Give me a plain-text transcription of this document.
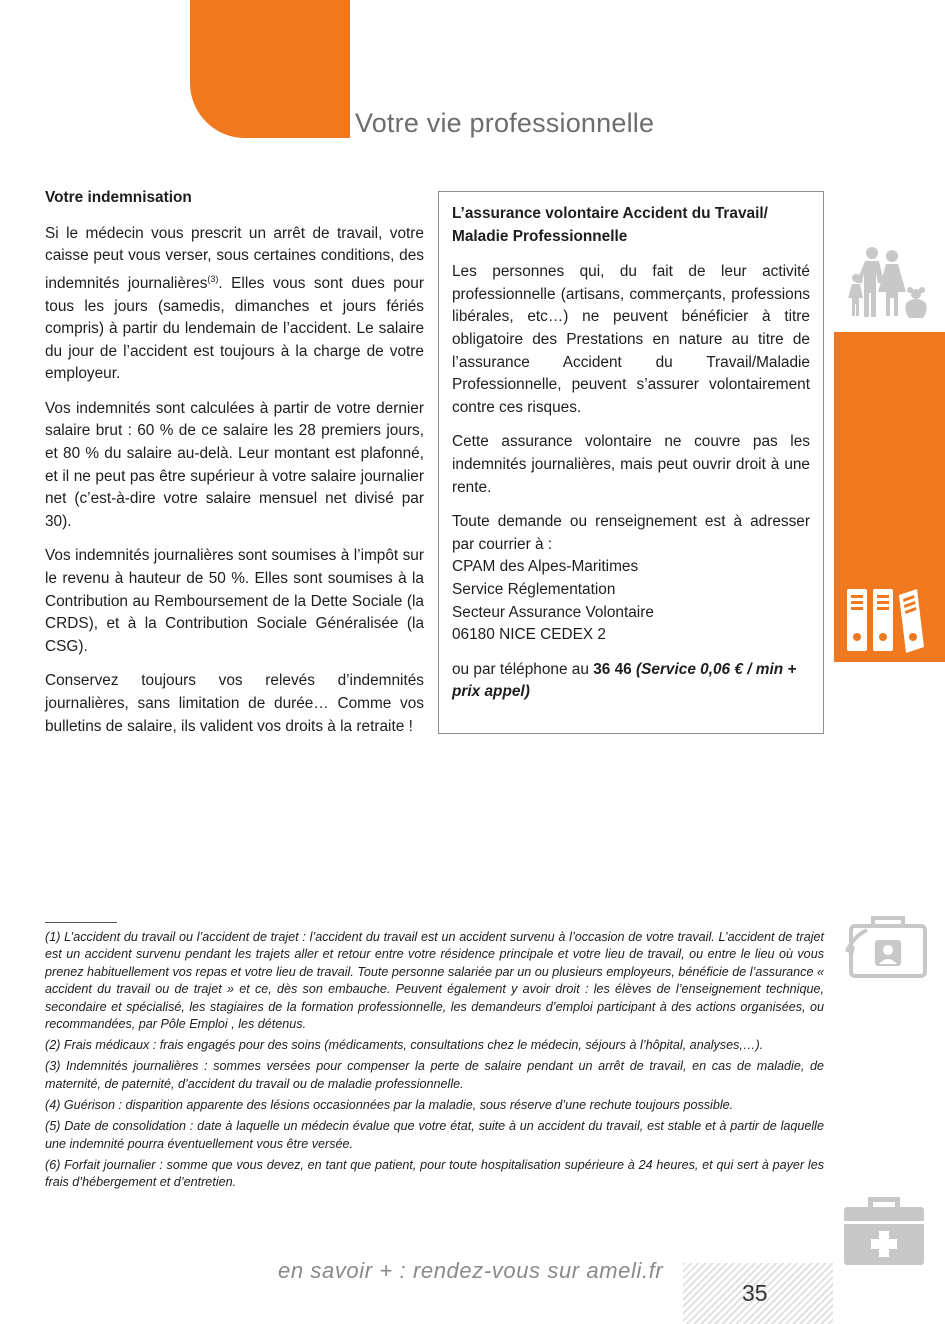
Votre vie professionnelle
Votre indemnisation

Si le médecin vous prescrit un arrêt de travail, votre caisse peut vous verser, sous certaines conditions, des indemnités journalières$^{(3)}$. Elles vous sont dues pour tous les jours (samedis, dimanches et jours fériés compris) à partir du lendemain de l’accident. Le salaire du jour de l’accident est toujours à la charge de votre employeur.

Vos indemnités sont calculées à partir de votre dernier salaire brut : 60 % de ce salaire les 28 premiers jours, et 80 % du salaire au-delà. Leur montant est plafonné, et il ne peut pas être supérieur à votre salaire journalier net (c’est-à-dire votre salaire mensuel net divisé par 30).

Vos indemnités journalières sont soumises à l’impôt sur le revenu à hauteur de 50 %. Elles sont soumises à la Contribution au Remboursement de la Dette Sociale (la CRDS), et à la Contribution Sociale Généralisée (la CSG).

Conservez toujours vos relevés d’indemnités journalières, sans limitation de durée… Comme vos bulletins de salaire, ils valident vos droits à la retraite !

L’assurance volontaire Accident du Travail/ Maladie Professionnelle

Les personnes qui, du fait de leur activité professionnelle (artisans, commerçants, professions libérales, etc…) ne peuvent bénéficier à titre obligatoire des Prestations en nature au titre de l’assurance Accident du Travail/Maladie Professionnelle, peuvent s’assurer volontairement contre ces risques.

Cette assurance volontaire ne couvre pas les indemnités journalières, mais peut ouvrir droit à une rente.

Toute demande ou renseignement est à adresser par courrier à :
CPAM des Alpes-Maritimes
Service Réglementation
Secteur Assurance Volontaire
06180 NICE CEDEX 2

ou par téléphone au 36 46 (Service 0,06 € / min + prix appel)

(1) L’accident du travail ou l’accident de trajet : l’accident du travail est un accident survenu à l’occasion de votre travail. L’accident de trajet est un accident survenu pendant les trajets aller et retour entre votre résidence principale et votre lieu de travail, ou entre le lieu où vous prenez habituellement vos repas et votre lieu de travail. Toute personne salariée par un ou plusieurs employeurs, bénéficie de l’assurance « accident du travail ou de trajet » et ce, dès son embauche. Peuvent également y avoir droit : les élèves de l’enseignement technique, secondaire et spécialisé, les stagiaires de la formation professionnelle, les demandeurs d’emploi participant à des actions organisées, ou recommandées, par Pôle Emploi , les détenus.

(2) Frais médicaux : frais engagés pour des soins (médicaments, consultations chez le médecin, séjours à l’hôpital, analyses,…).

(3) Indemnités journalières : sommes versées pour compenser la perte de salaire pendant un arrêt de travail, en cas de maladie, de maternité, de paternité, d’accident du travail ou de maladie professionnelle.

(4) Guérison : disparition apparente des lésions occasionnées par la maladie, sous réserve d’une rechute toujours possible.

(5) Date de consolidation : date à laquelle un médecin évalue que votre état, suite à un accident du travail, est stable et à partir de laquelle une indemnité pourra éventuellement vous être versée.

(6) Forfait journalier : somme que vous devez, en tant que patient, pour toute hospitalisation supérieure à 24 heures, et qui sert à payer les frais d’hébergement et d’entretien.

en savoir + : rendez-vous sur ameli.fr
35
